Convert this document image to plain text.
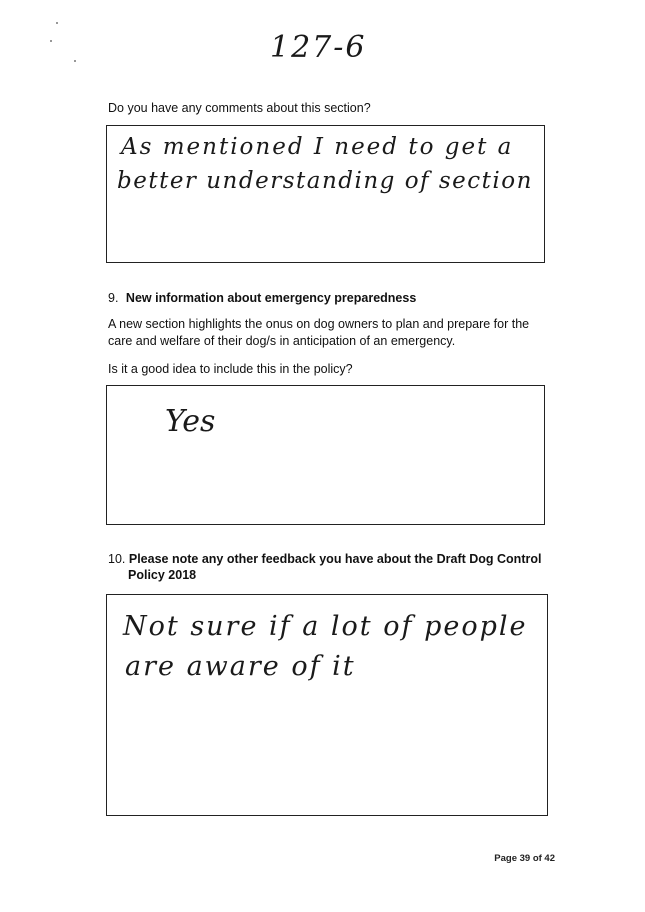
127-6
Do you have any comments about this section?
As mentioned I need to get a
better understanding of section
9. New information about emergency preparedness
A new section highlights the onus on dog owners to plan and prepare for the
care and welfare of their dog/s in anticipation of an emergency.
Is it a good idea to include this in the policy?
Yes
10. Please note any other feedback you have about the Draft Dog Control
Policy 2018
Not sure if a lot of people
are aware of it
Page 39 of 42
